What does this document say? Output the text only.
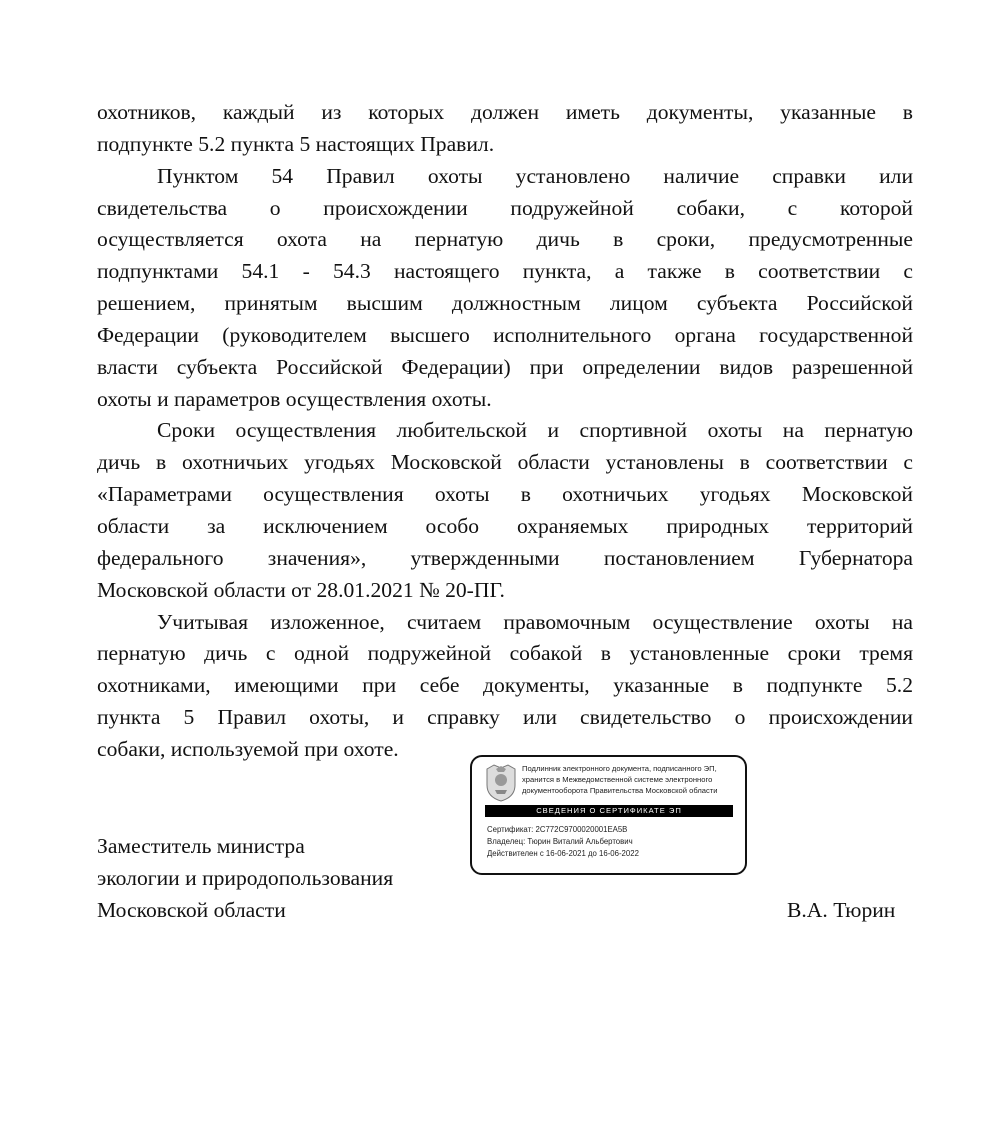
охотников, каждый из которых должен иметь документы, указанные в
подпункте 5.2 пункта 5 настоящих Правил.
Пунктом 54 Правил охоты установлено наличие справки или
свидетельства о происхождении подружейной собаки, с которой
осуществляется охота на пернатую дичь в сроки, предусмотренные
подпунктами 54.1 - 54.3 настоящего пункта, а также в соответствии с
решением, принятым высшим должностным лицом субъекта Российской
Федерации (руководителем высшего исполнительного органа государственной
власти субъекта Российской Федерации) при определении видов разрешенной
охоты и параметров осуществления охоты.
Сроки осуществления любительской и спортивной охоты на пернатую
дичь в охотничьих угодьях Московской области установлены в соответствии с
«Параметрами осуществления охоты в охотничьих угодьях Московской
области за исключением особо охраняемых природных территорий
федерального значения», утвержденными постановлением Губернатора
Московской области от 28.01.2021 № 20-ПГ.
Учитывая изложенное, считаем правомочным осуществление охоты на
пернатую дичь с одной подружейной собакой в установленные сроки тремя
охотниками, имеющими при себе документы, указанные в подпункте 5.2
пункта 5 Правил охоты, и справку или свидетельство о происхождении
собаки, используемой при охоте.
Заместитель министра
экологии и природопользования
Московской области	В.А. Тюрин
Подлинник электронного документа, подписанного ЭП,
хранится в Межведомственной системе электронного
документооборота Правительства Московской области
СВЕДЕНИЯ О СЕРТИФИКАТЕ ЭП
Сертификат: 2C772C9700020001EA5B
Владелец: Тюрин Виталий Альбертович
Действителен с 16-06-2021 до 16-06-2022
